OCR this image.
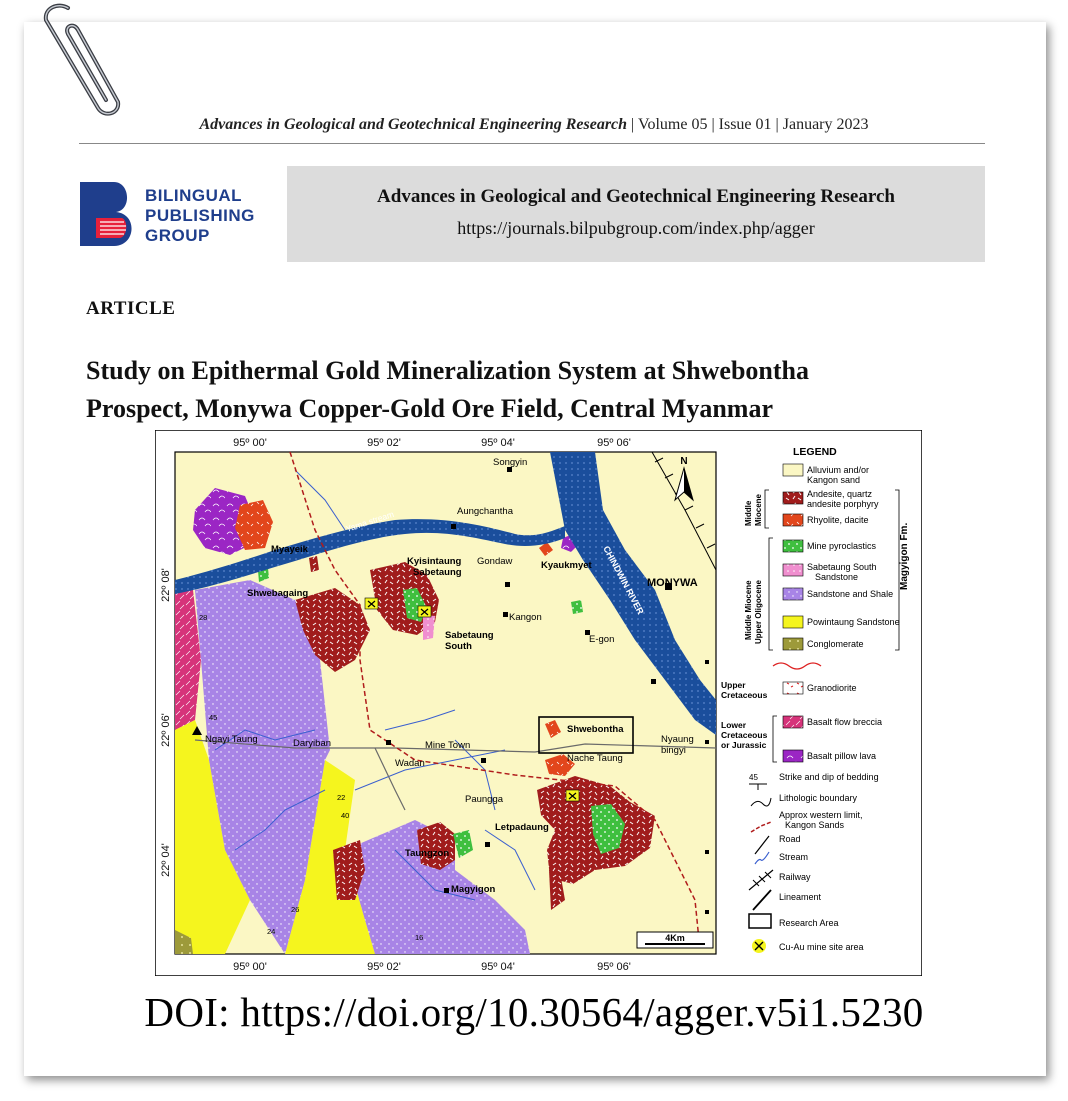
Advances in Geological and Geotechnical Engineering Research | Volume 05 | Issue 01 | January 2023
BILINGUAL
PUBLISHING
GROUP
Advances in Geological and Geotechnical Engineering Research
https://journals.bilpubgroup.com/index.php/agger
ARTICLE
Study on Epithermal Gold Mineralization System at Shwebontha
Prospect, Monywa Copper-Gold Ore Field, Central Myanmar
95º 00'	95º 02'	95º 04'	95º 06'
95º 00'	95º 02'	95º 04'	95º 06'
22º 08'
22º 06'
22º 04'
Songyin
Aungchantha
Myayeik
Gondaw	Kyaukmyet
MONYWA
Kyisintaung
Sabetaung
Shwebagaing
Kangon
E-gon
Sabetaung
South
Shwebontha
Mine Town
Wadan	Nache Taung
Nyaung
bingyi
Paungga
Letpadaung
Taungzon
Magyigon
Ngayi Taung	Daryiban
Yama stream
CHINDWIN RIVER
28
26
24
22
40
45
16
N
4Km
LEGEND
Alluvium and/or
Kangon sand
Andesite, quartz
andesite porphyry
Rhyolite, dacite
Middle Miocene
Mine pyroclastics
Sabetaung South
Sandstone
Sandstone and Shale
Powintaung Sandstone
Conglomerate
Middle Miocene Upper Oligocene
Magyigon Fm.
Upper
Cretaceous
Granodiorite
Lower
Cretaceous
or Jurassic
Basalt flow breccia
Basalt pillow lava
45 Strike and dip of bedding
Lithologic boundary
Approx western limit,
Kangon Sands
Road
Stream
Railway
Lineament
Research Area
Cu-Au mine site area
DOI: https://doi.org/10.30564/agger.v5i1.5230
